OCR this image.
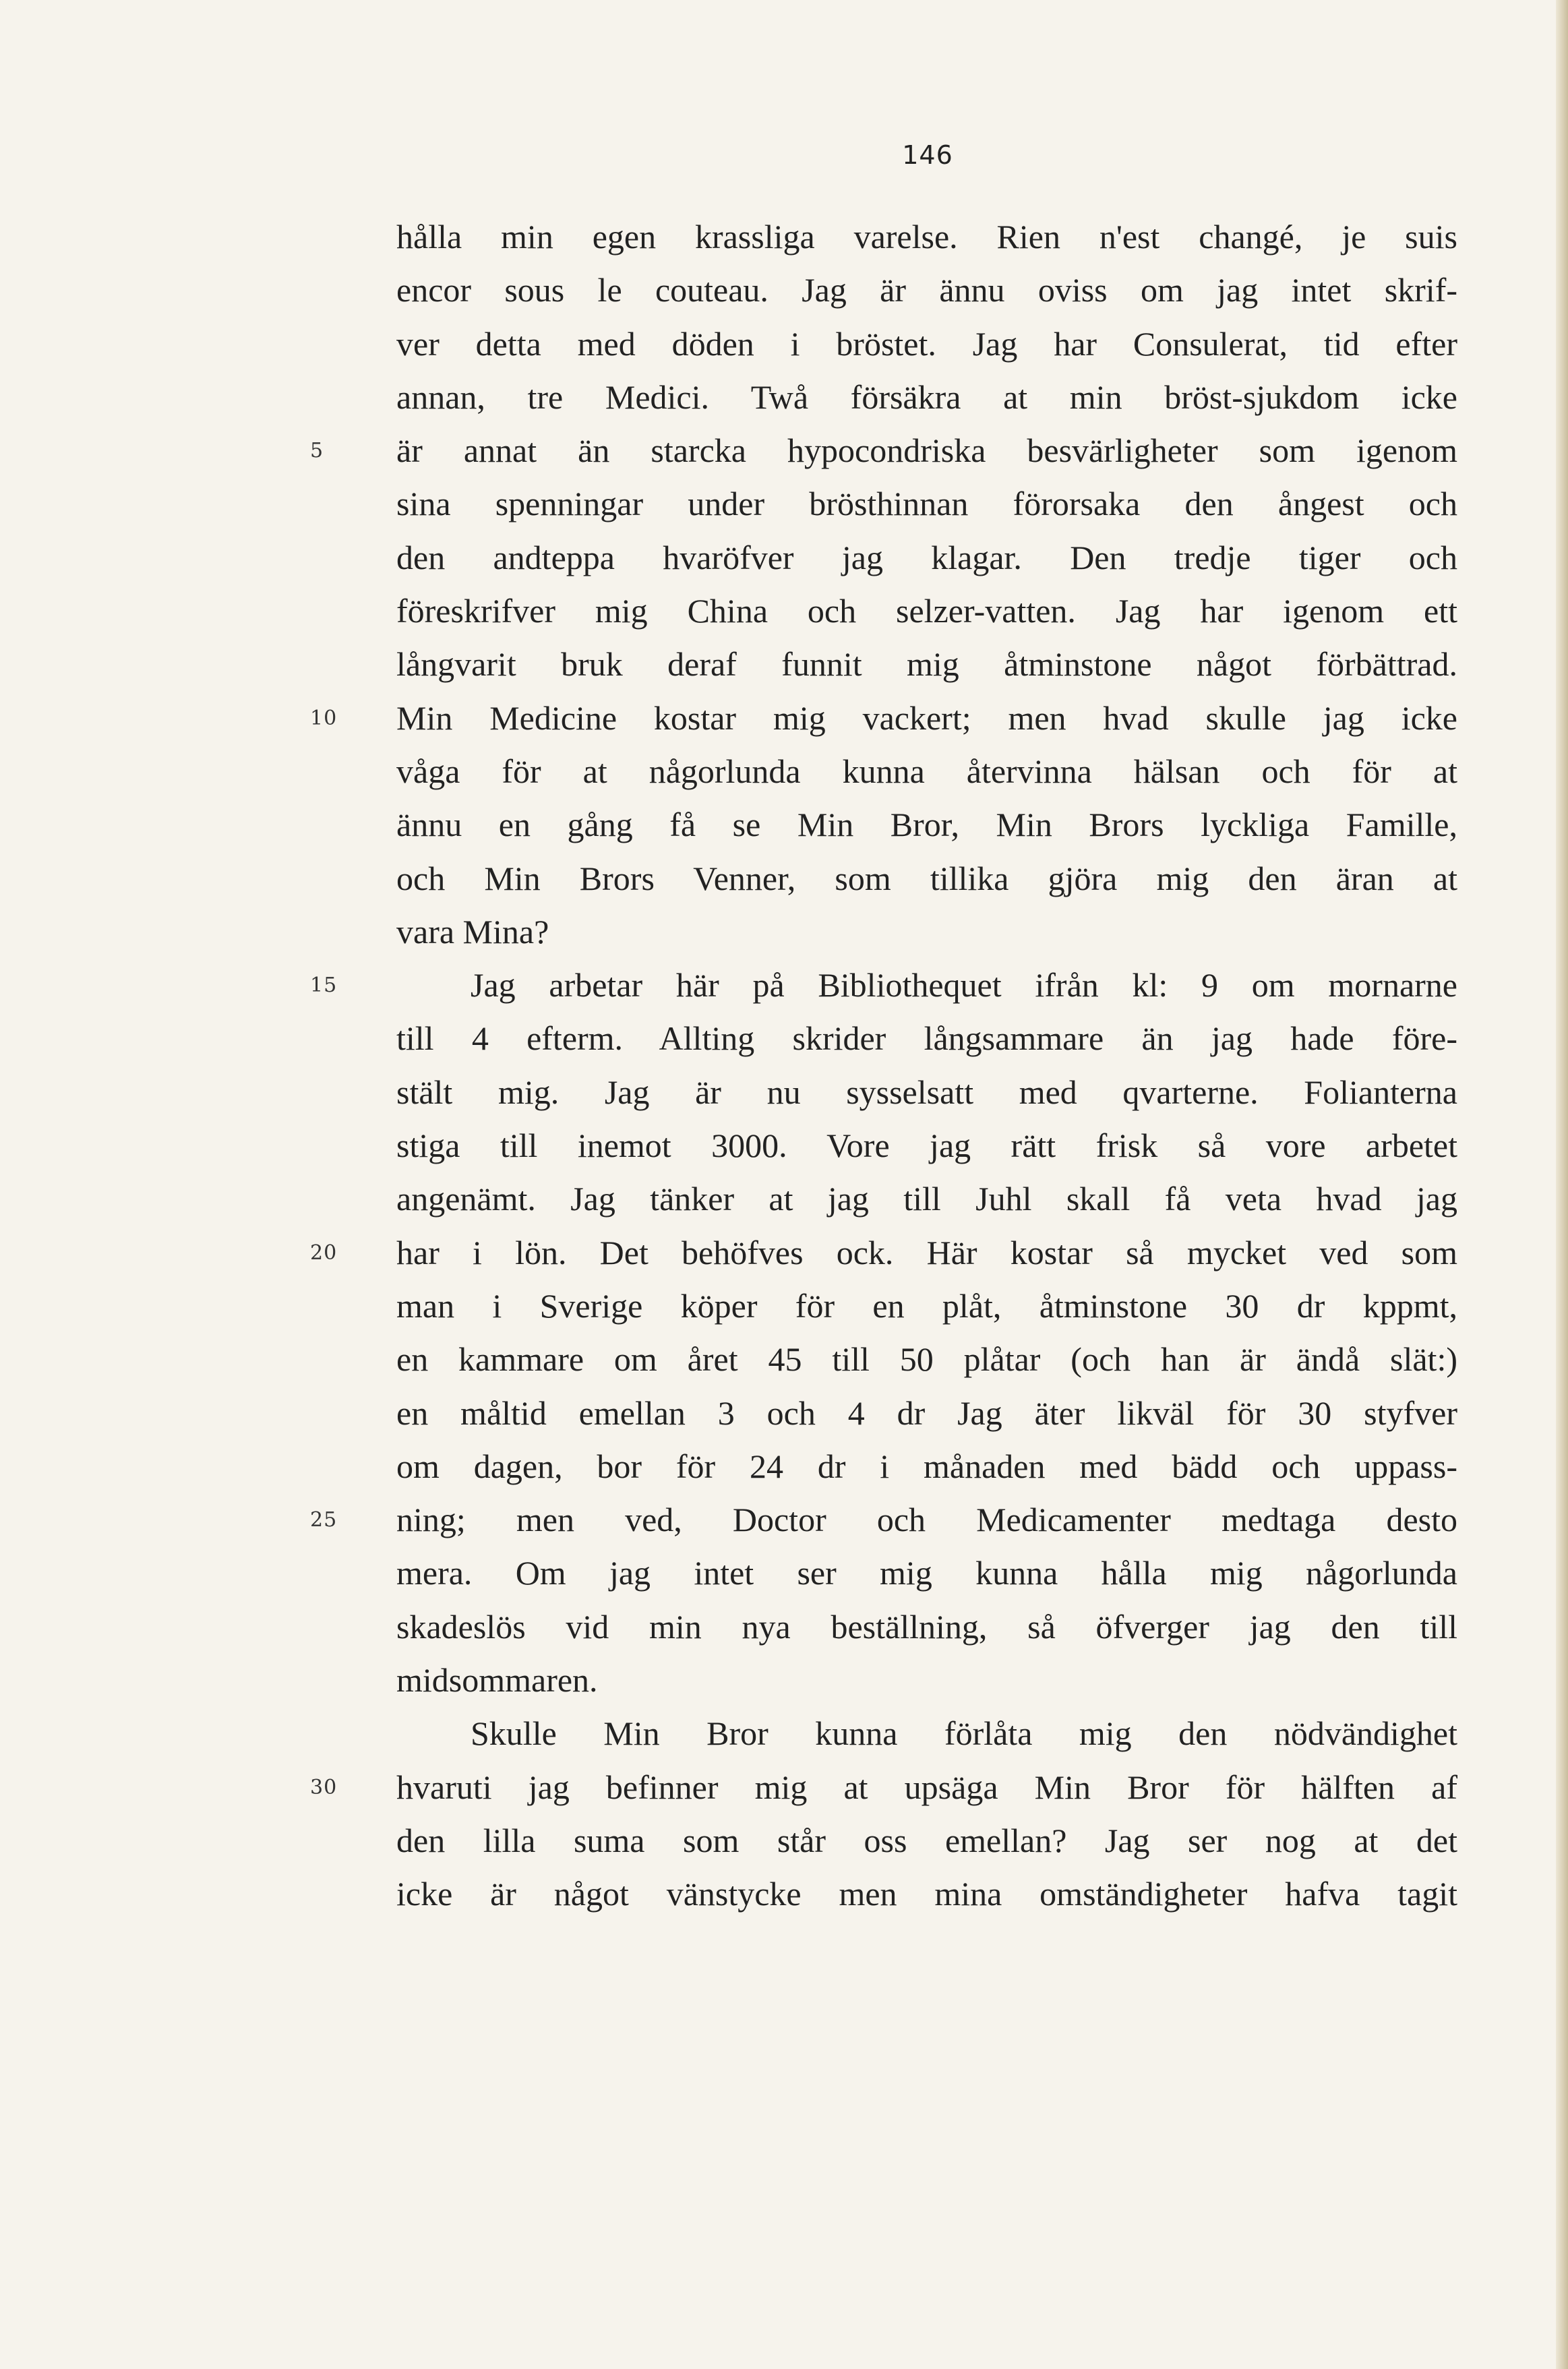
146
hålla min egen krassliga varelse. Rien n'est changé, je suis
encor sous le couteau. Jag är ännu oviss om jag intet skrif-
ver detta med döden i bröstet. Jag har Consulerat, tid efter
annan, tre Medici. Twå försäkra at min bröst-sjukdom icke
5	är annat än starcka hypocondriska besvärligheter som igenom
sina spenningar under brösthinnan förorsaka den ångest och
den andteppa hvaröfver jag klagar. Den tredje tiger och
föreskrifver mig China och selzer-vatten. Jag har igenom ett
långvarit bruk deraf funnit mig åtminstone något förbättrad.
10	Min Medicine kostar mig vackert; men hvad skulle jag icke
våga för at någorlunda kunna återvinna hälsan och för at
ännu en gång få se Min Bror, Min Brors lyckliga Famille,
och Min Brors Venner, som tillika gjöra mig den äran at
vara Mina?
15	Jag arbetar här på Bibliothequet ifrån kl: 9 om mornarne
till 4 efterm. Allting skrider långsammare än jag hade före-
stält mig. Jag är nu sysselsatt med qvarterne. Folianterna
stiga till inemot 3000. Vore jag rätt frisk så vore arbetet
angenämt. Jag tänker at jag till Juhl skall få veta hvad jag
20	har i lön. Det behöfves ock. Här kostar så mycket ved som
man i Sverige köper för en plåt, åtminstone 30 dr kppmt,
en kammare om året 45 till 50 plåtar (och han är ändå slät:)
en måltid emellan 3 och 4 dr Jag äter likväl för 30 styfver
om dagen, bor för 24 dr i månaden med bädd och uppass-
25	ning; men ved, Doctor och Medicamenter medtaga desto
mera. Om jag intet ser mig kunna hålla mig någorlunda
skadeslös vid min nya beställning, så öfverger jag den till
midsommaren.
Skulle Min Bror kunna förlåta mig den nödvändighet
30	hvaruti jag befinner mig at upsäga Min Bror för hälften af
den lilla suma som står oss emellan? Jag ser nog at det
icke är något vänstycke men mina omständigheter hafva tagit
